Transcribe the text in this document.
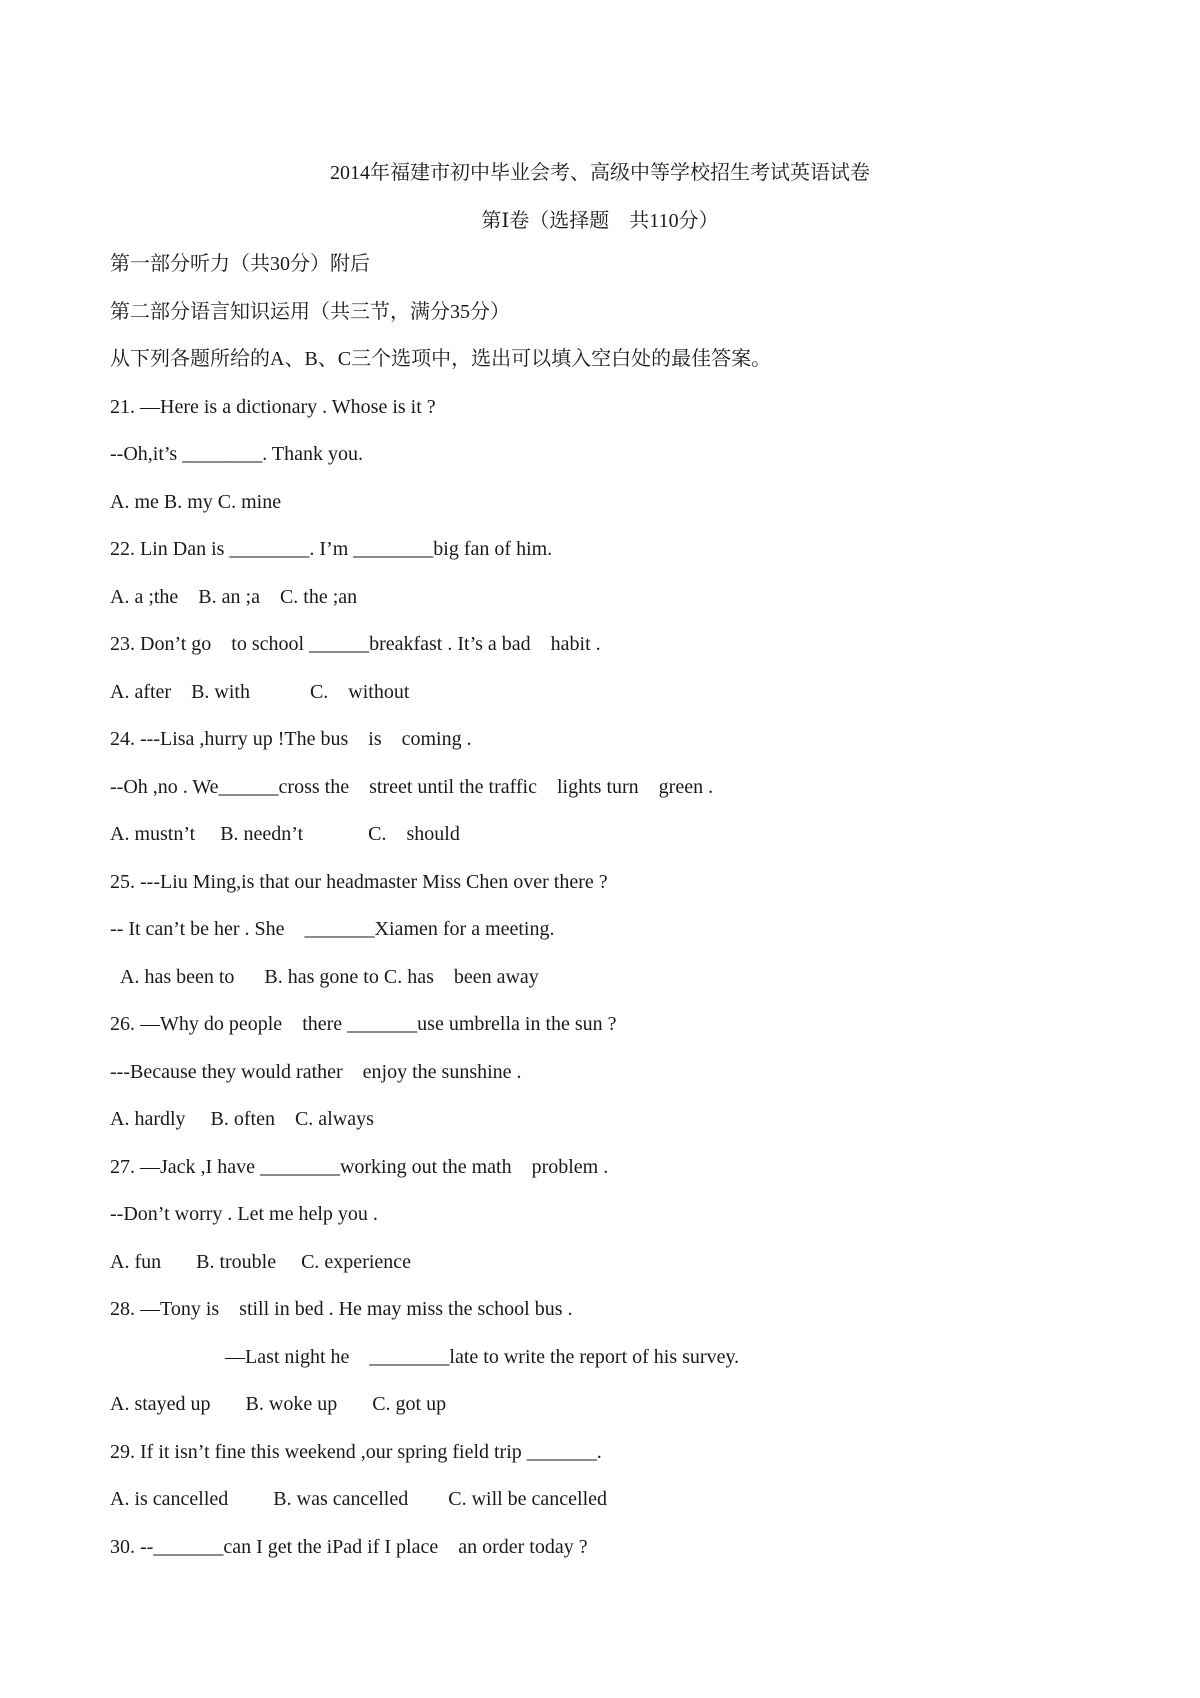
2014年福建市初中毕业会考、高级中等学校招生考试英语试卷
第Ⅰ卷（选择题　共110分）
第一部分听力（共30分）附后
第二部分语言知识运用（共三节，满分35分）
从下列各题所给的A、B、C三个选项中，选出可以填入空白处的最佳答案。
21. —Here is a dictionary . Whose is it ?
--Oh,it’s ________. Thank you.
A. me B. my C. mine
22. Lin Dan is ________. I’m ________big fan of him.
A. a ;the    B. an ;a    C. the ;an
23. Don’t go    to school ______breakfast . It’s a bad    habit .
A. after    B. with            C.    without
24. ---Lisa ,hurry up !The bus    is    coming .
--Oh ,no . We______cross the    street until the traffic    lights turn    green .
A. mustn’t     B. needn’t             C.    should
25. ---Liu Ming,is that our headmaster Miss Chen over there ?
-- It can’t be her . She    _______Xiamen for a meeting.
A. has been to      B. has gone to C. has    been away
26. —Why do people    there _______use umbrella in the sun ?
---Because they would rather    enjoy the sunshine .
A. hardly     B. often    C. always
27. —Jack ,I have ________working out the math    problem .
--Don’t worry . Let me help you .
A. fun       B. trouble     C. experience
28. —Tony is    still in bed . He may miss the school bus .
—Last night he    ________late to write the report of his survey.
A. stayed up       B. woke up       C. got up
29. If it isn’t fine this weekend ,our spring field trip _______.
A. is cancelled         B. was cancelled        C. will be cancelled
30. --_______can I get the iPad if I place    an order today ?
